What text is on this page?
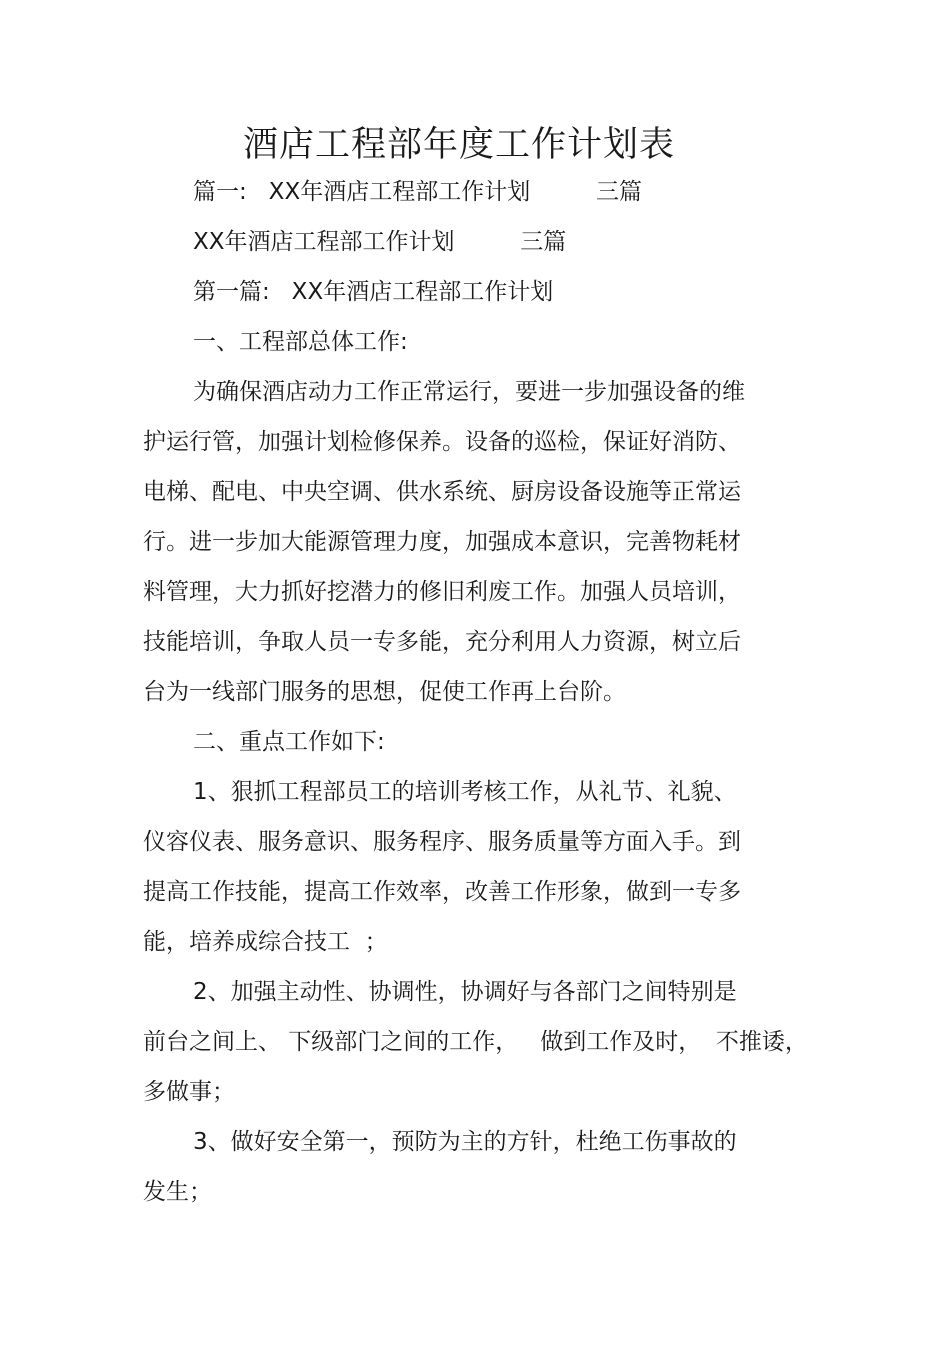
酒店工程部年度工作计划表
篇一:   XX年酒店工程部工作计划         三篇
XX年酒店工程部工作计划         三篇
第一篇:   XX年酒店工程部工作计划
一、工程部总体工作:
为确保酒店动力工作正常运行，要进一步加强设备的维
护运行管，加强计划检修保养。设备的巡检，保证好消防、
电梯、配电、中央空调、供水系统、厨房设备设施等正常运
行。进一步加大能源管理力度，加强成本意识，完善物耗材
料管理，大力抓好挖潜力的修旧利废工作。加强人员培训，
技能培训，争取人员一专多能，充分利用人力资源，树立后
台为一线部门服务的思想，促使工作再上台阶。
二、重点工作如下:
1、狠抓工程部员工的培训考核工作，从礼节、礼貌、
仪容仪表、服务意识、服务程序、服务质量等方面入手。到
提高工作技能，提高工作效率，改善工作形象，做到一专多
能，培养成综合技工  ；
2、加强主动性、协调性，协调好与各部门之间特别是
前台之间上、 下级部门之间的工作，   做到工作及时，  不推诿，
多做事；
3、做好安全第一，预防为主的方针，杜绝工伤事故的
发生；
